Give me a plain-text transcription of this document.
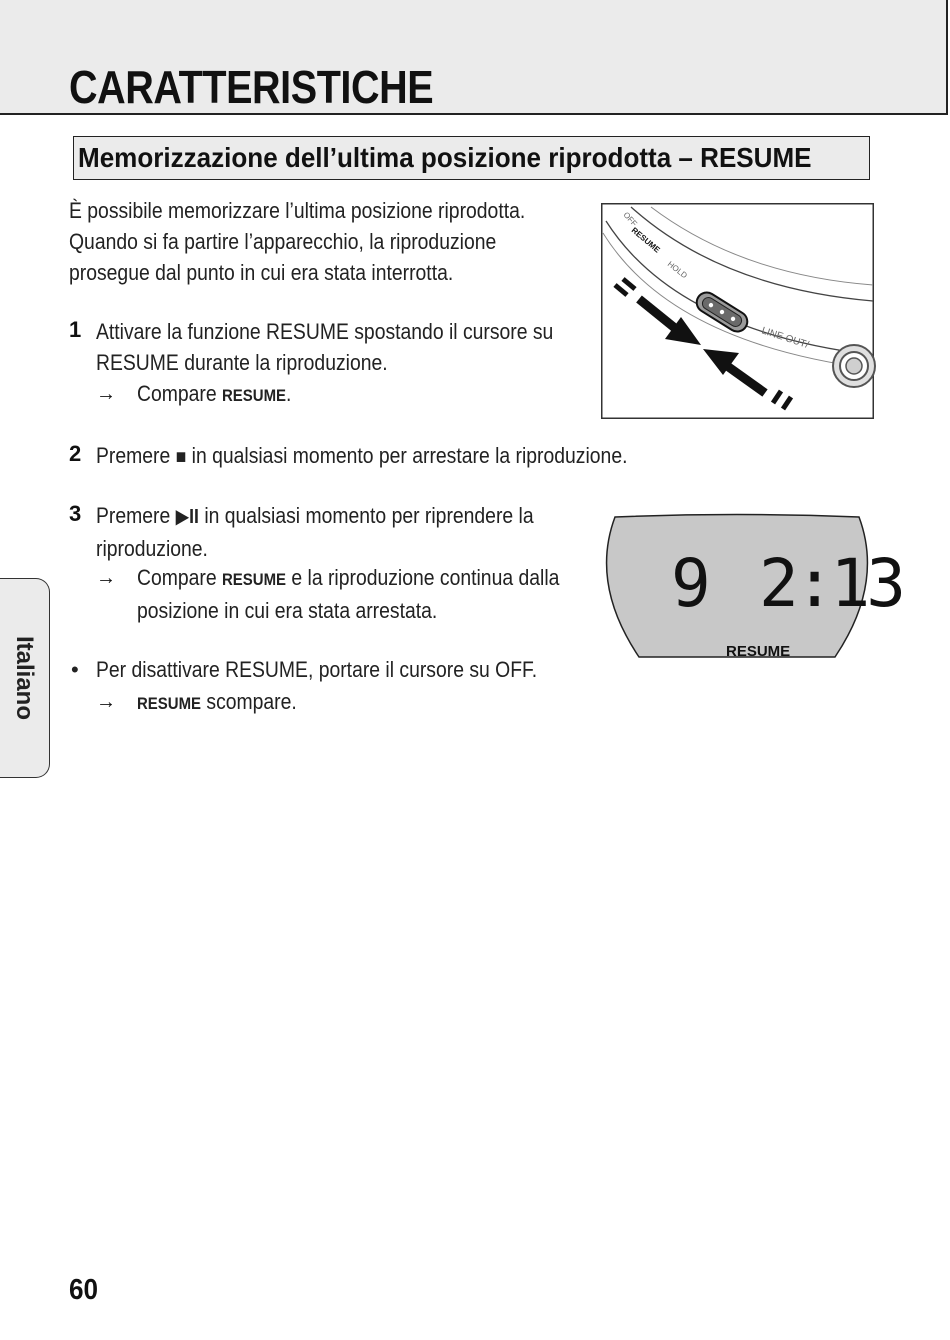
CARATTERISTICHE
Memorizzazione dell’ultima posizione riprodotta – RESUME
È possibile memorizzare l’ultima posizione riprodotta.
Quando si fa partire l’apparecchio, la riproduzione
prosegue dal punto in cui era stata interrotta.
1 Attivare la funzione RESUME spostando il cursore su
RESUME durante la riproduzione.
→ Compare RESUME.
2 Premere ■ in qualsiasi momento per arrestare la riproduzione.
3 Premere ▶II in qualsiasi momento per riprendere la
riproduzione.
→ Compare RESUME e la riproduzione continua dalla
posizione in cui era stata arrestata.
• Per disattivare RESUME, portare il cursore su OFF.
→ RESUME scompare.
OFF
RESUME
HOLD
LINE OUT/
9 2:13
RESUME
Italiano
60
